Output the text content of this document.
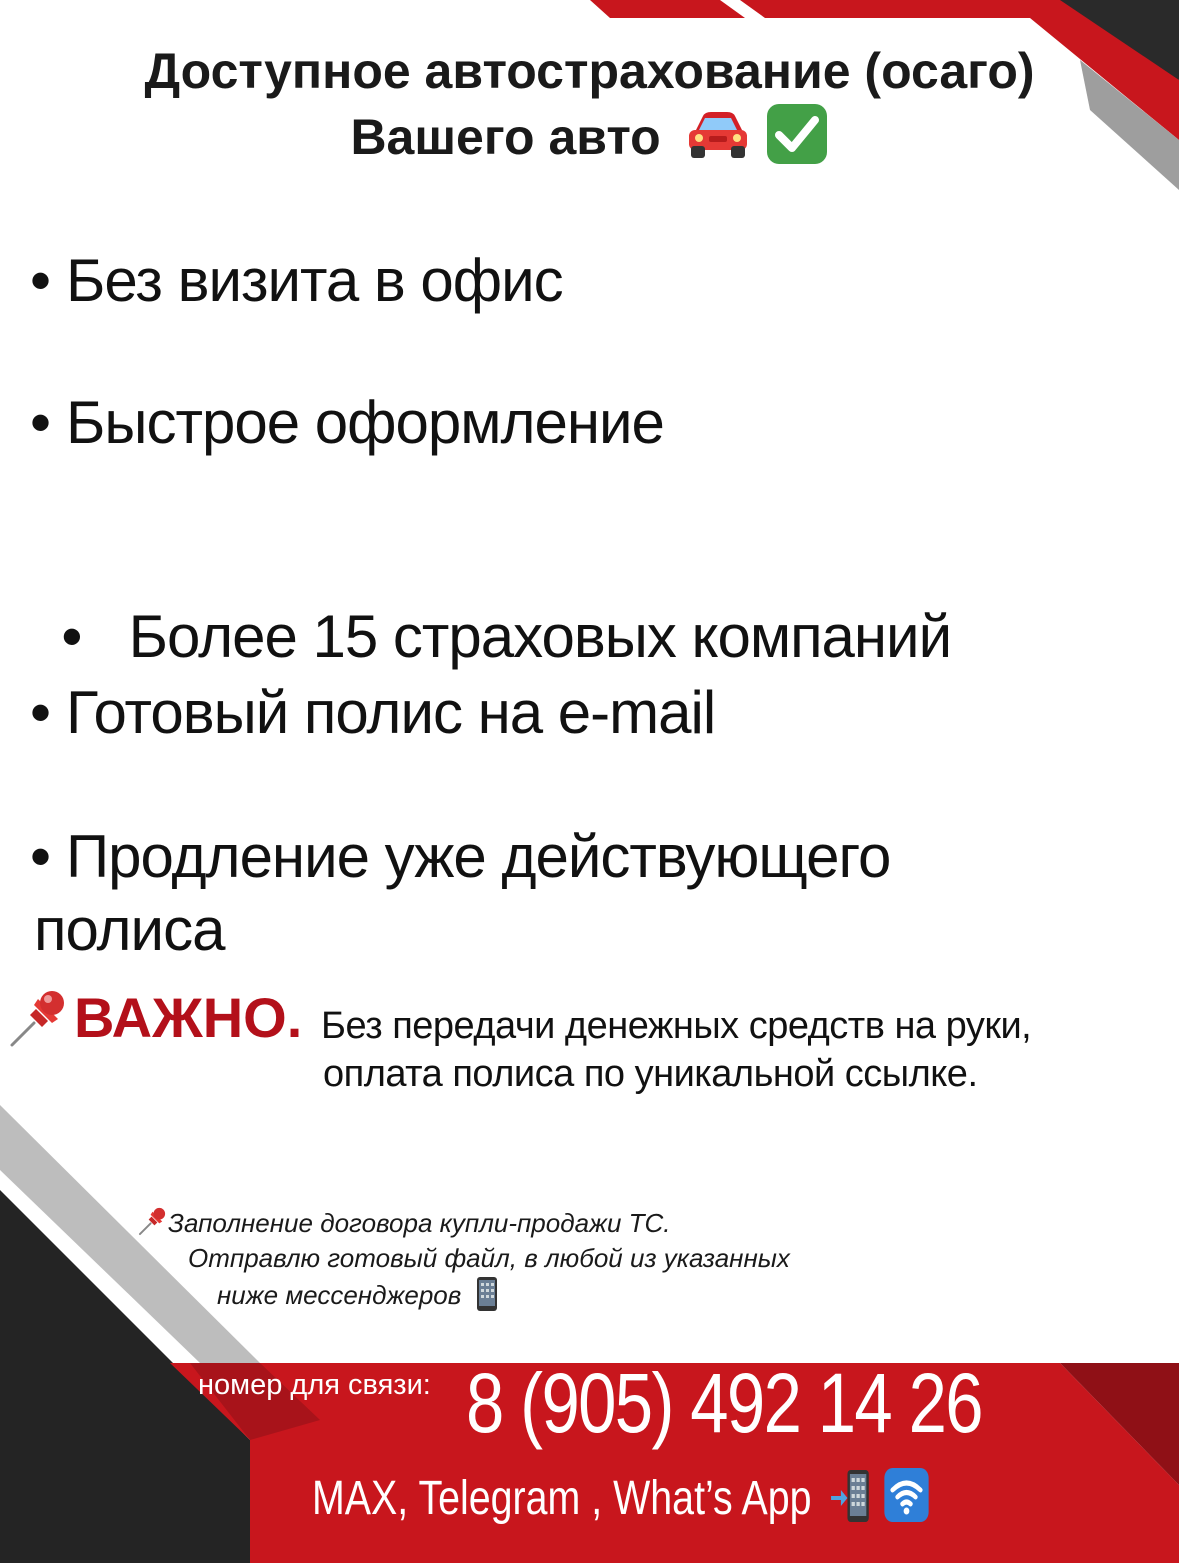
Доступное автострахование (осаго)
Вашего авто
• Без визита в офис
• Быстрое оформление

•  Более 15 страховых компаний

• Готовый полис на e-mail
• Продление уже действующего
полиса
ВАЖНО. Без передачи денежных средств на руки,
оплата полиса по уникальной ссылке.
Заполнение договора купли-продажи ТС.
Отправлю готовый файл, в любой из указанных
ниже мессенджеров
номер для связи: 8 (905) 492 14 26
MAX, Telegram , What’s App
